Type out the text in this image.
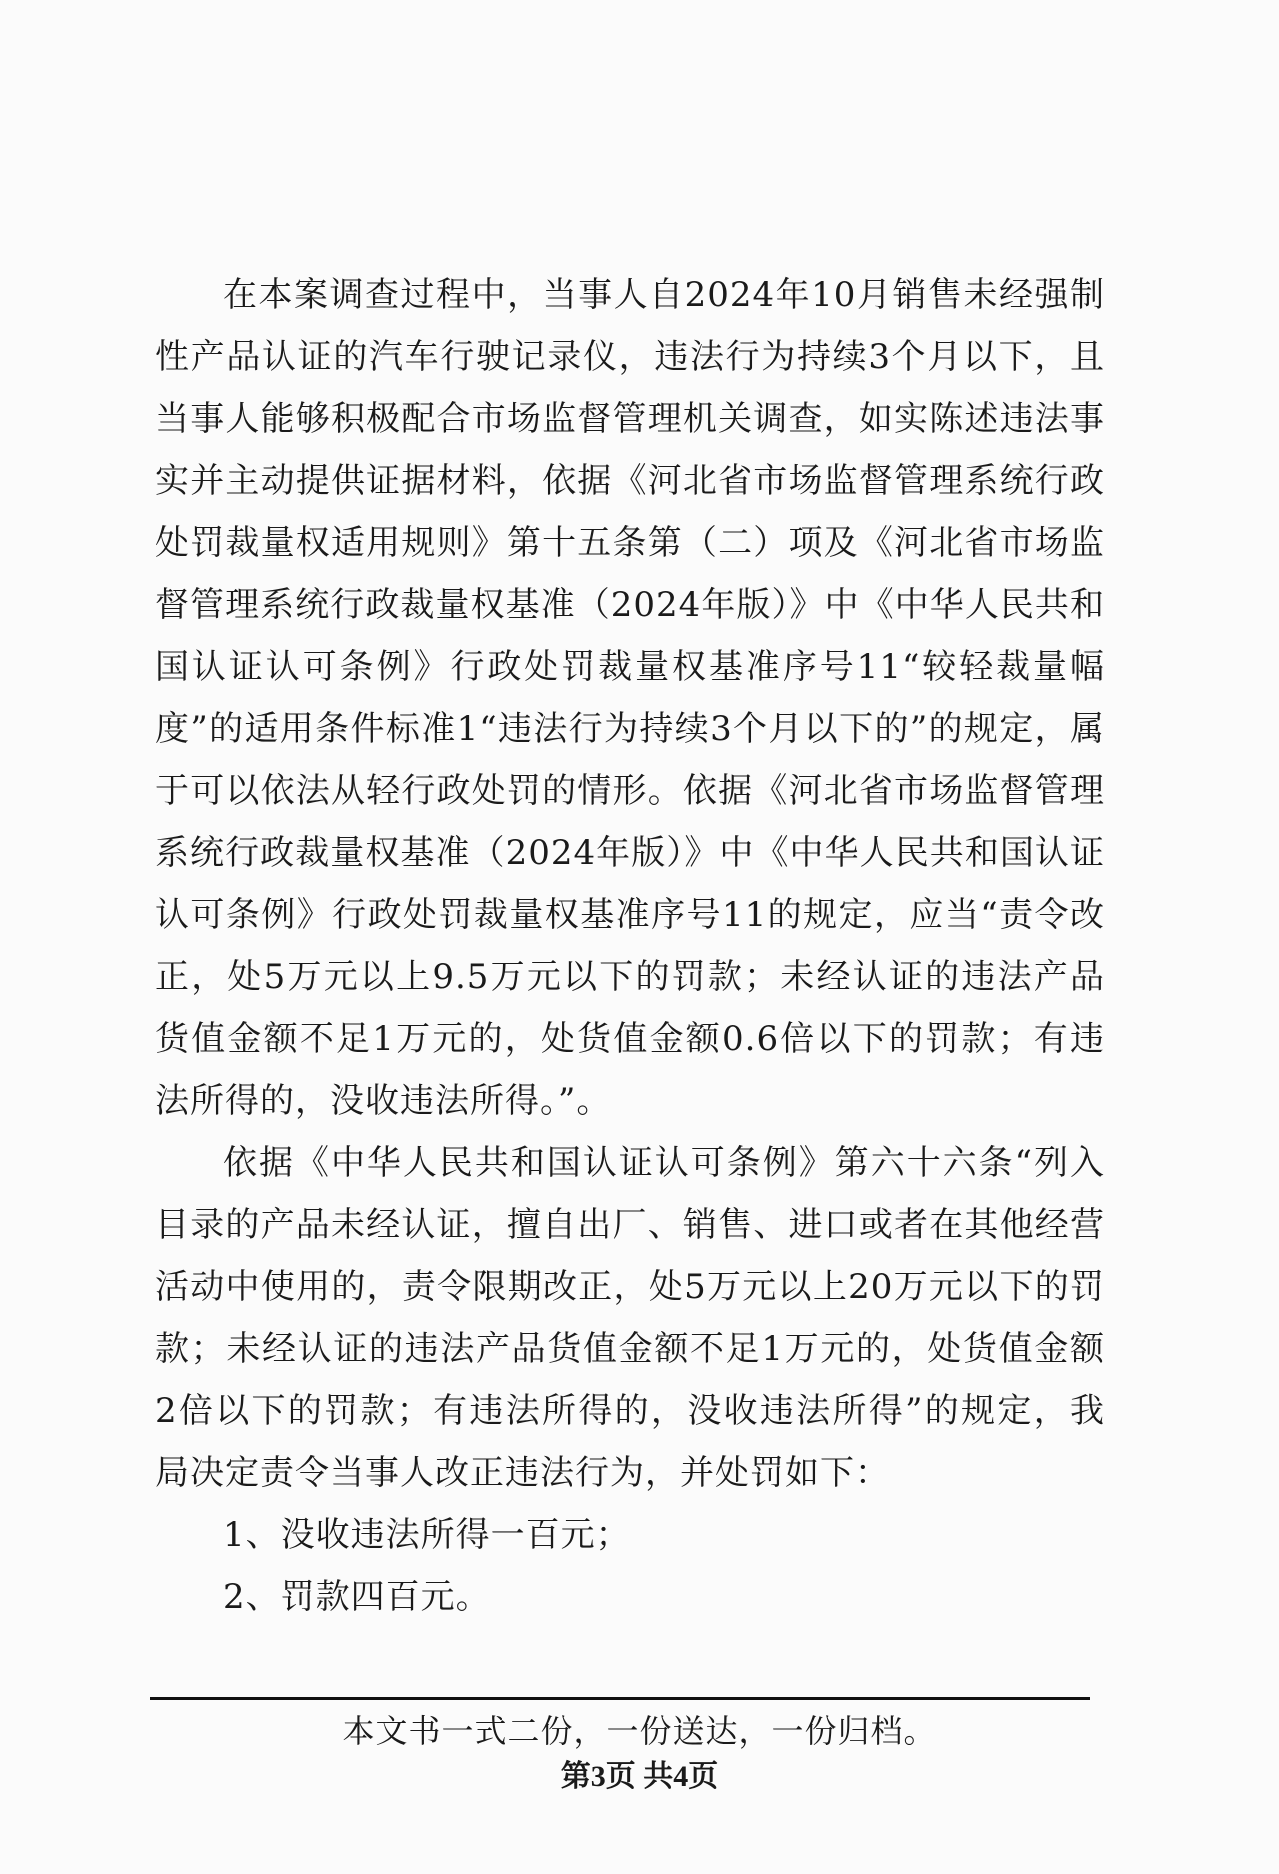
在本案调查过程中，当事人自2024年10月销售未经强制性产品认证的汽车行驶记录仪，违法行为持续3个月以下，且当事人能够积极配合市场监督管理机关调查，如实陈述违法事实并主动提供证据材料，依据《河北省市场监督管理系统行政处罚裁量权适用规则》第十五条第（二）项及《河北省市场监督管理系统行政裁量权基准（2024年版）》中《中华人民共和国认证认可条例》行政处罚裁量权基准序号11“较轻裁量幅度”的适用条件标准1“违法行为持续3个月以下的”的规定，属于可以依法从轻行政处罚的情形。依据《河北省市场监督管理系统行政裁量权基准（2024年版）》中《中华人民共和国认证认可条例》行政处罚裁量权基准序号11的规定，应当“责令改正，处5万元以上9.5万元以下的罚款；未经认证的违法产品货值金额不足1万元的，处货值金额0.6倍以下的罚款；有违法所得的，没收违法所得。”。

依据《中华人民共和国认证认可条例》第六十六条“列入目录的产品未经认证，擅自出厂、销售、进口或者在其他经营活动中使用的，责令限期改正，处5万元以上20万元以下的罚款；未经认证的违法产品货值金额不足1万元的，处货值金额2倍以下的罚款；有违法所得的，没收违法所得”的规定，我局决定责令当事人改正违法行为，并处罚如下：

1、没收违法所得一百元；

2、罚款四百元。

本文书一式二份，一份送达，一份归档。
第3页 共4页
